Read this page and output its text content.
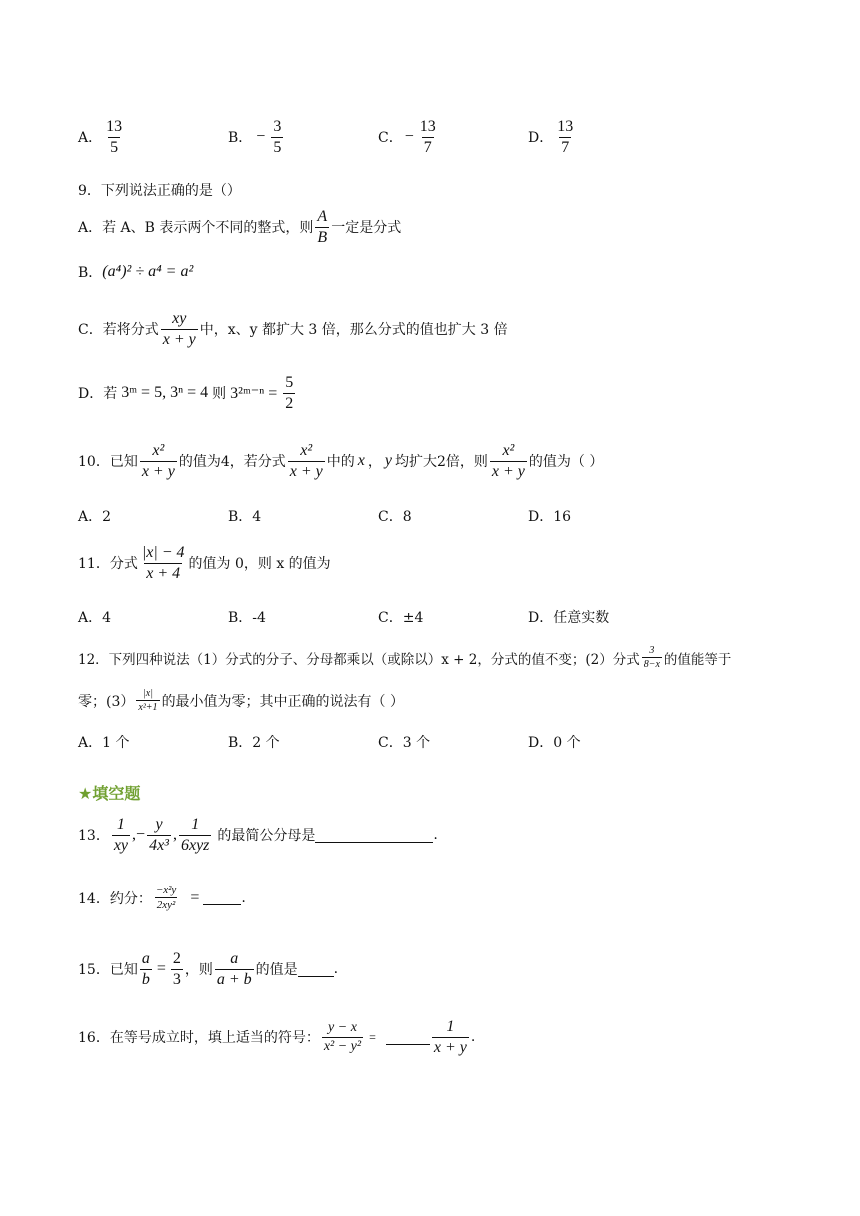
A． $\frac{13}{5}$	B． − $\frac{3}{5}$	C． − $\frac{13}{7}$	D． $\frac{13}{7}$
9．下列说法正确的是（）
A．若 A、B 表示两个不同的整式，则 $\frac{A}{B}$ 一定是分式
B． (a⁴)² ÷ a⁴ = a²
C．若将分式 $\frac{xy}{x + y}$ 中，x、y 都扩大 3 倍，那么分式的值也扩大 3 倍
D．若 3ᵐ = 5, 3ⁿ = 4 则 3²ᵐ⁻ⁿ = $\frac{5}{2}$
10．已知 $\frac{\text{x²}}{x + y}$ 的值为4，若分式 $\frac{\text{x²}}{x + y}$ 中的 x ， y 均扩大2倍，则 $\frac{\text{x²}}{x + y}$ 的值为（ ）
A．2	B．4	C．8	D．16
11．分式 $\frac{|x| - 4}{x + 4}$ 的值为 0，则 x 的值为
A．4	B．-4	C．±4	D．任意实数
12．下列四种说法（1）分式的分子、分母都乘以（或除以）x + 2，分式的值不变；(2）分式 $\frac{3}{8-x}$ 的值能等于
零；$(3) \frac{|x|}{\text{x²+1}}$ 的最小值为零；其中正确的说法有（ ）
A．1 个	B．2 个	C．3 个	D．0 个
★填空题
13． $\frac{1}{xy}$ ,− $\frac{y}{\text{4x³}}$ , $\frac{1}{\text{6xyz}}$ 的最简公分母是	.
14．约分： $\frac{\text{−x²y}}{\text{2xy²}}$ =	.
15．已知 $\frac{a}{b} = \frac{2}{3}$ ，则 $\frac{a}{a + b}$ 的值是	.
16．在等号成立时，填上适当的符号： $\frac{y - x}{\text{x² − y²}}$ =	$\frac{1}{x + y}$ .
